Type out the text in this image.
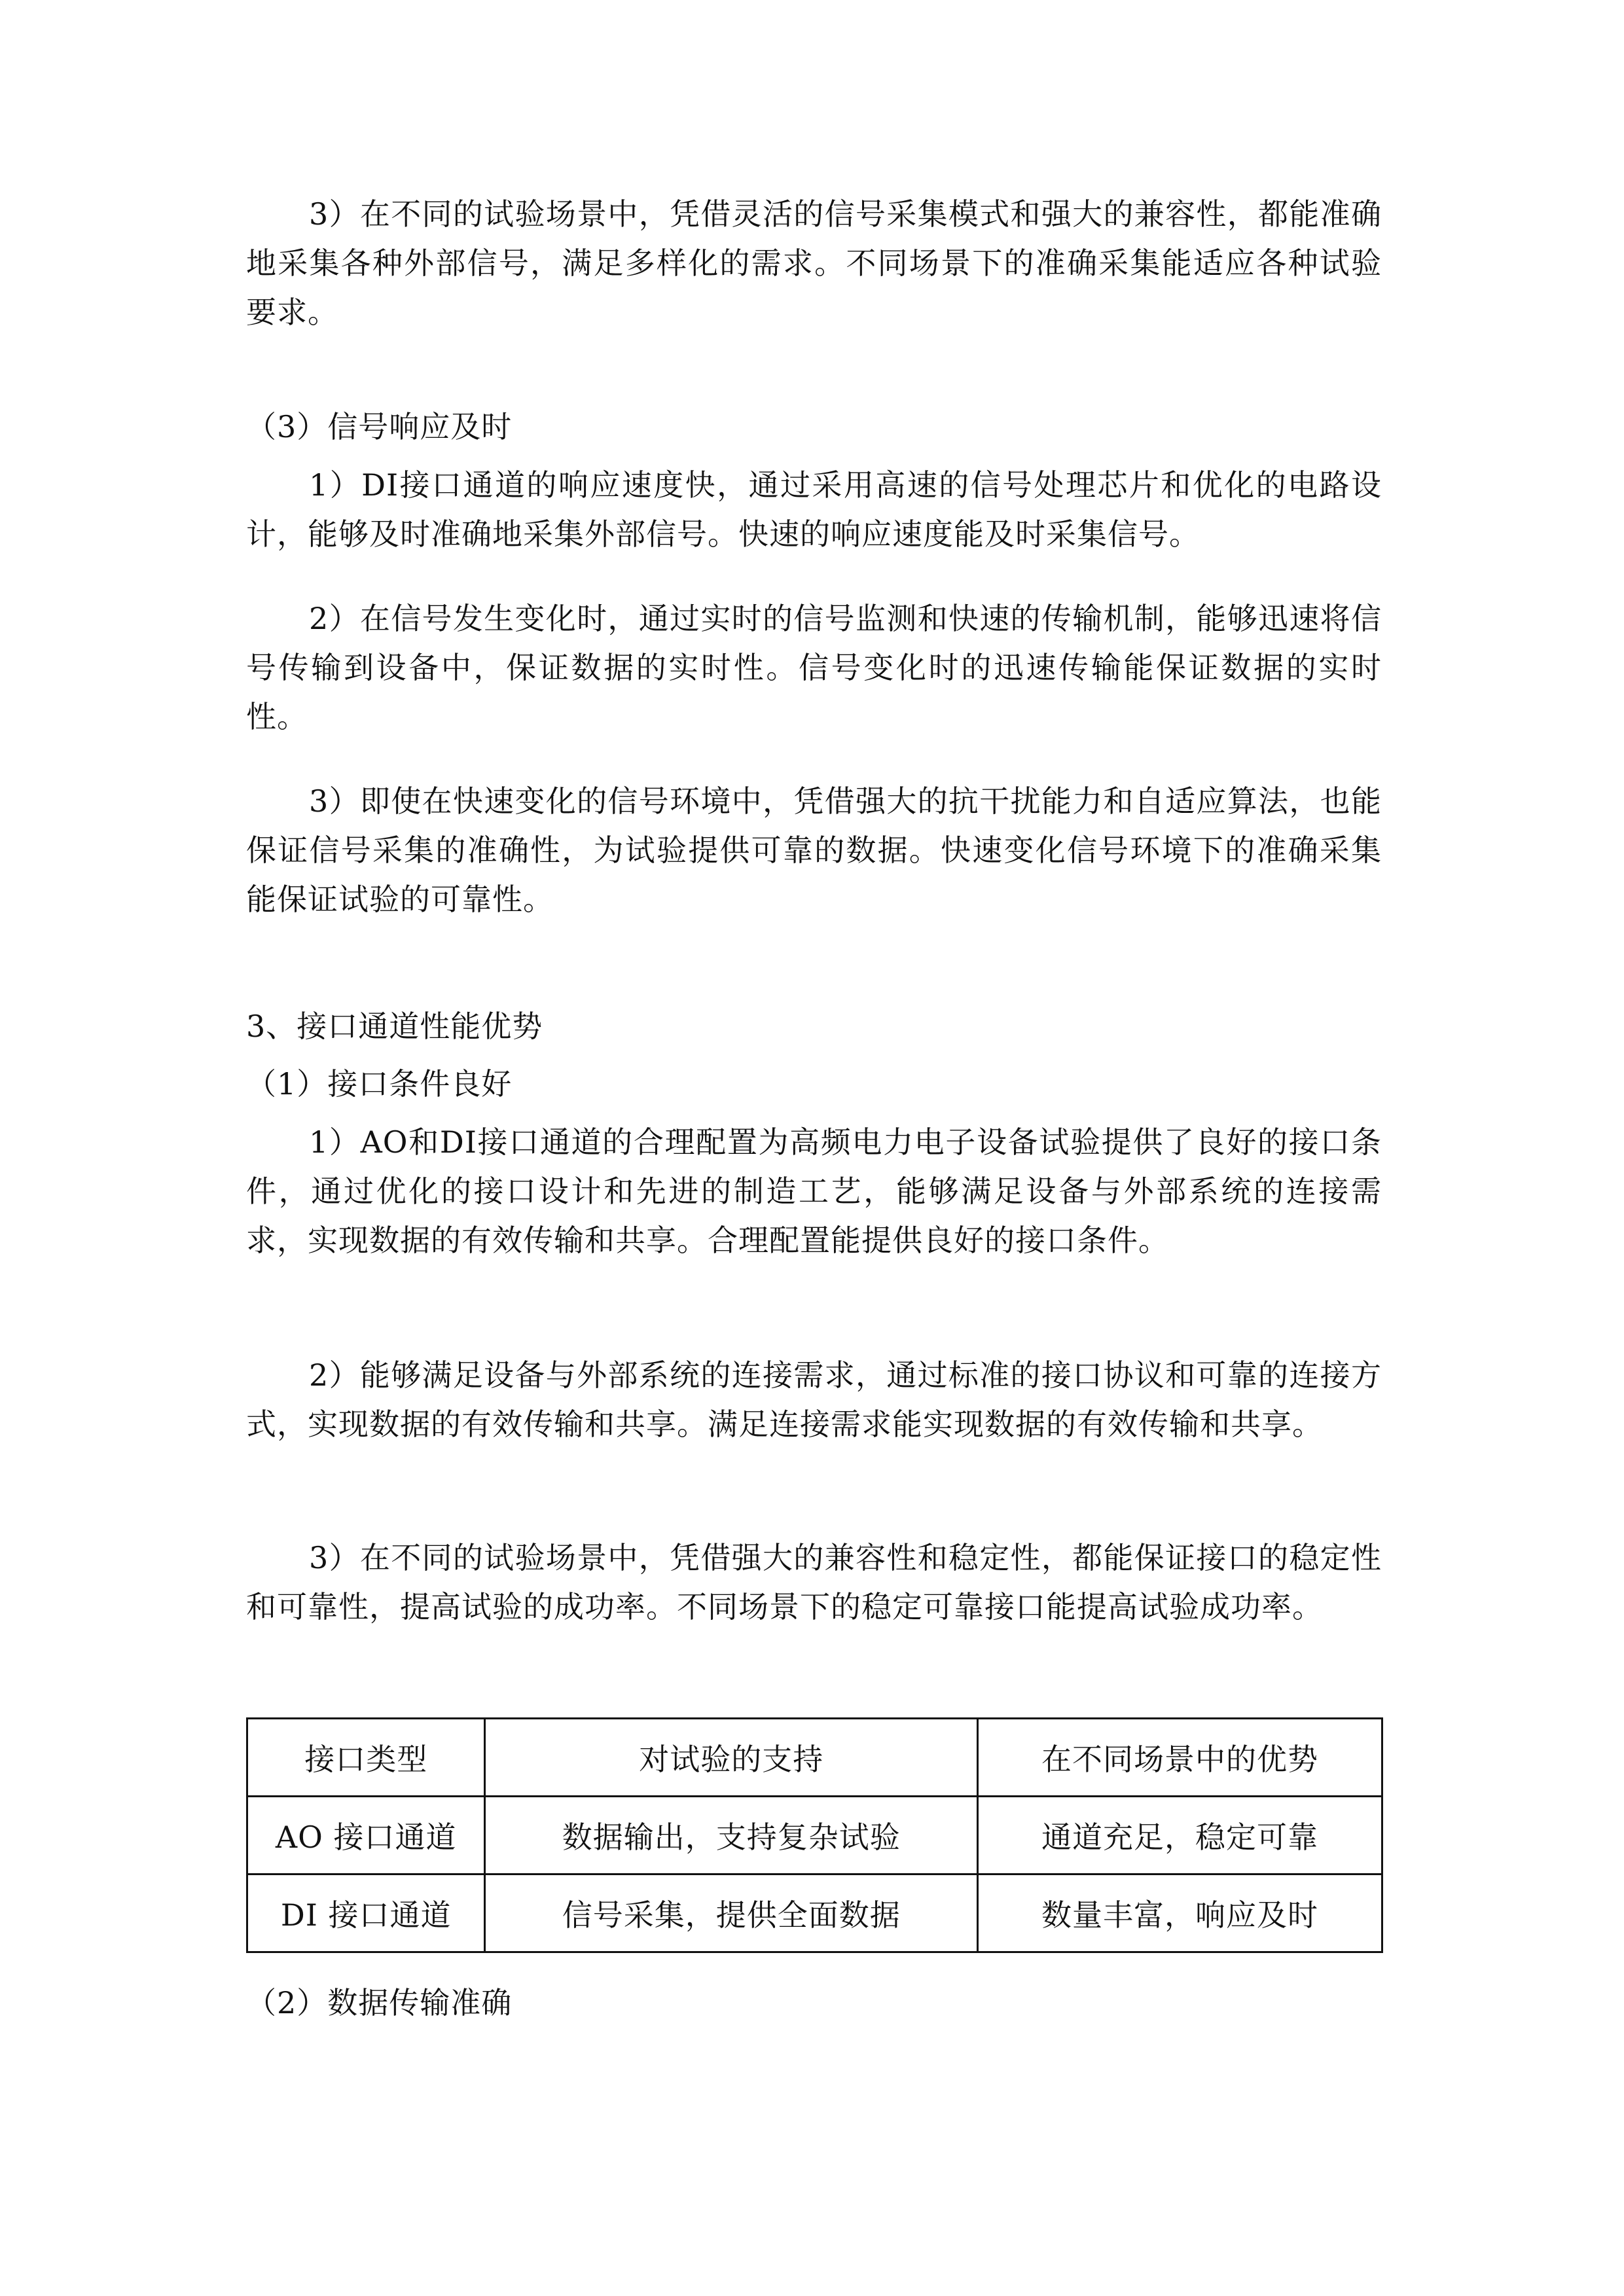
3）在不同的试验场景中，凭借灵活的信号采集模式和强大的兼容性，都能准确地采集各种外部信号，满足多样化的需求。不同场景下的准确采集能适应各种试验要求。

（3）信号响应及时

1）DI接口通道的响应速度快，通过采用高速的信号处理芯片和优化的电路设计，能够及时准确地采集外部信号。快速的响应速度能及时采集信号。

2）在信号发生变化时，通过实时的信号监测和快速的传输机制，能够迅速将信号传输到设备中，保证数据的实时性。信号变化时的迅速传输能保证数据的实时性。

3）即使在快速变化的信号环境中，凭借强大的抗干扰能力和自适应算法，也能保证信号采集的准确性，为试验提供可靠的数据。快速变化信号环境下的准确采集能保证试验的可靠性。

3、接口通道性能优势

（1）接口条件良好

1）AO和DI接口通道的合理配置为高频电力电子设备试验提供了良好的接口条件，通过优化的接口设计和先进的制造工艺，能够满足设备与外部系统的连接需求，实现数据的有效传输和共享。合理配置能提供良好的接口条件。

2）能够满足设备与外部系统的连接需求，通过标准的接口协议和可靠的连接方式，实现数据的有效传输和共享。满足连接需求能实现数据的有效传输和共享。

3）在不同的试验场景中，凭借强大的兼容性和稳定性，都能保证接口的稳定性和可靠性，提高试验的成功率。不同场景下的稳定可靠接口能提高试验成功率。

接口类型	对试验的支持	在不同场景中的优势
AO 接口通道	数据输出，支持复杂试验	通道充足，稳定可靠
DI 接口通道	信号采集，提供全面数据	数量丰富，响应及时

（2）数据传输准确
